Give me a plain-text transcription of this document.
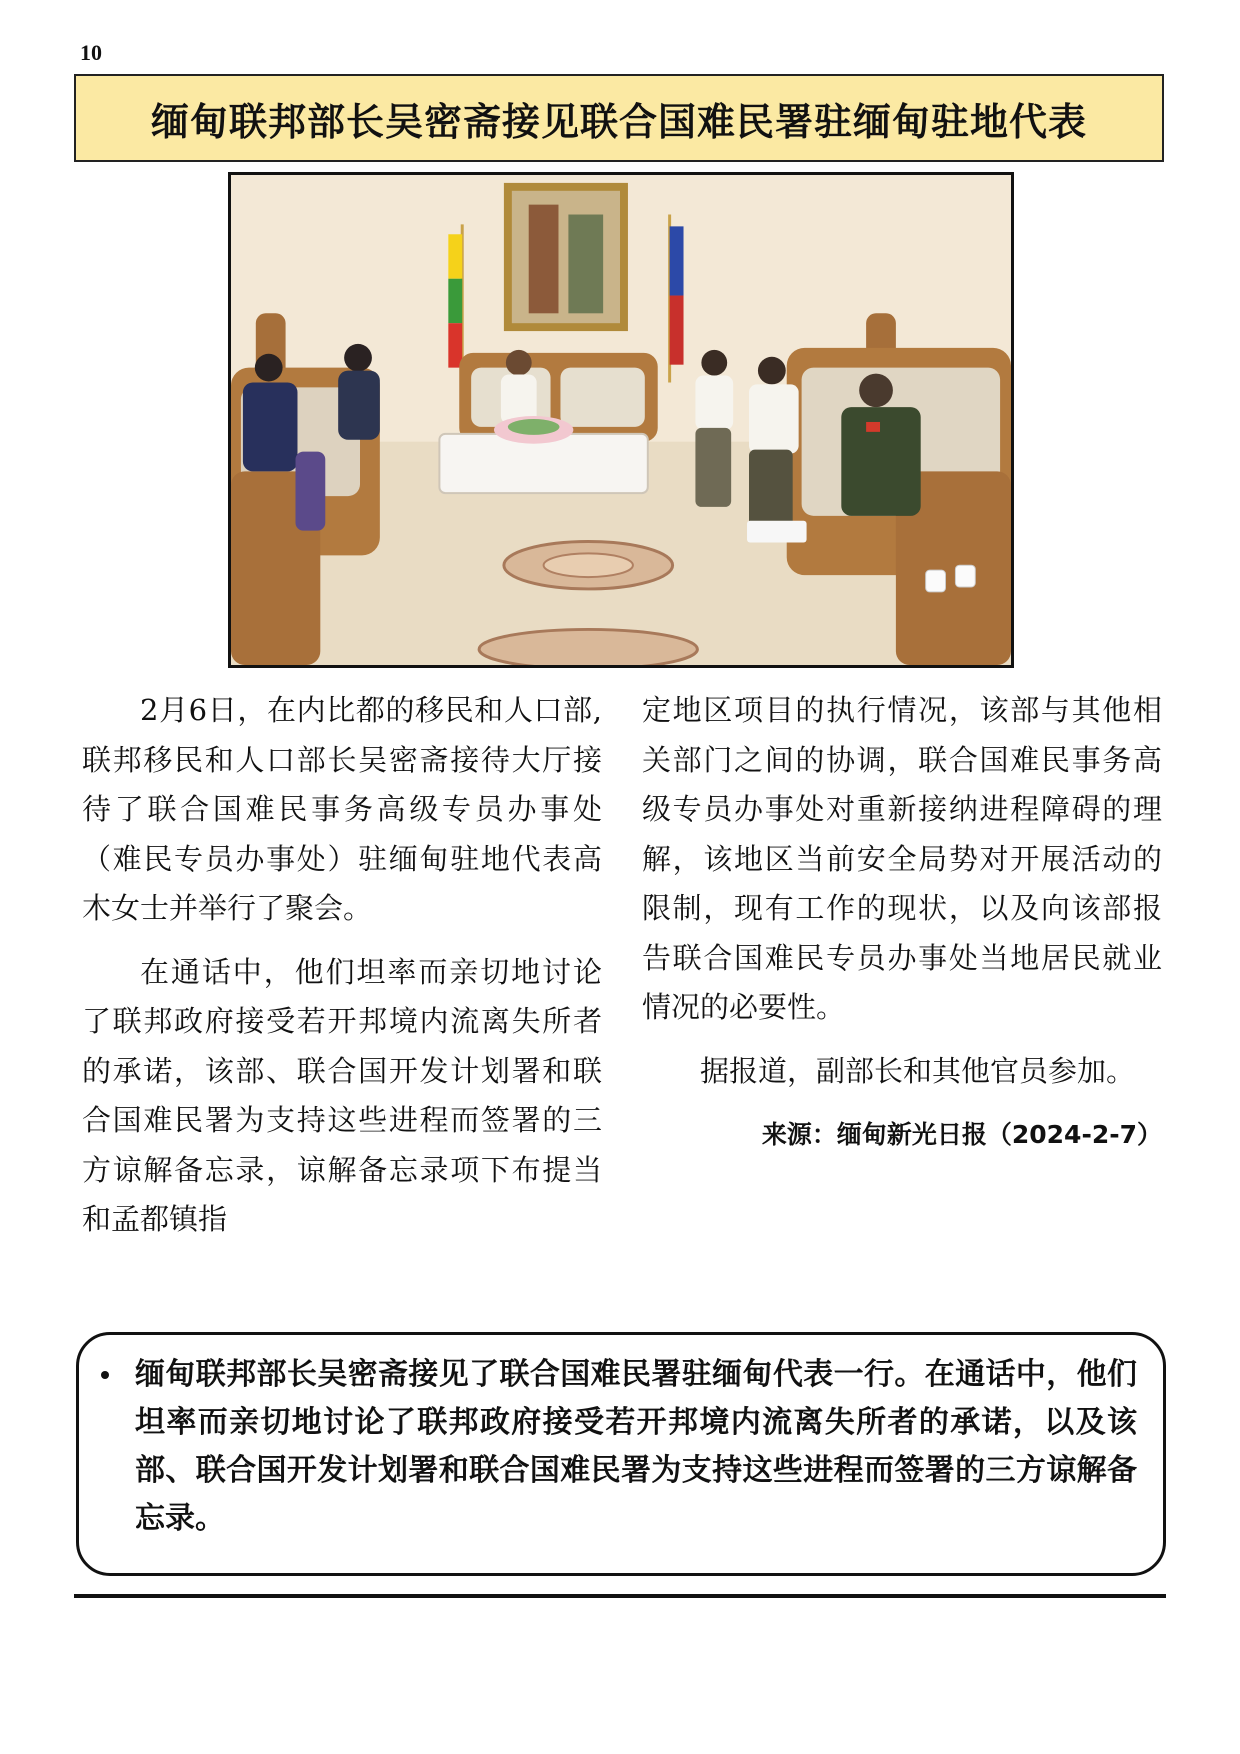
10
缅甸联邦部长吴密斋接见联合国难民署驻缅甸驻地代表

2月6日，在内比都的移民和人口部,联邦移民和人口部长吴密斋接待大厅接待了联合国难民事务高级专员办事处（难民专员办事处）驻缅甸驻地代表高木女士并举行了聚会。

在通话中，他们坦率而亲切地讨论了联邦政府接受若开邦境内流离失所者的承诺，该部、联合国开发计划署和联合国难民署为支持这些进程而签署的三方谅解备忘录，谅解备忘录项下布提当和孟都镇指

定地区项目的执行情况，该部与其他相关部门之间的协调，联合国难民事务高级专员办事处对重新接纳进程障碍的理解，该地区当前安全局势对开展活动的限制，现有工作的现状，以及向该部报告联合国难民专员办事处当地居民就业情况的必要性。

据报道，副部长和其他官员参加。

来源：缅甸新光日报（2024-2-7）
缅甸联邦部长吴密斋接见了联合国难民署驻缅甸代表一行。在通话中，他们坦率而亲切地讨论了联邦政府接受若开邦境内流离失所者的承诺，以及该部、联合国开发计划署和联合国难民署为支持这些进程而签署的三方谅解备忘录。
